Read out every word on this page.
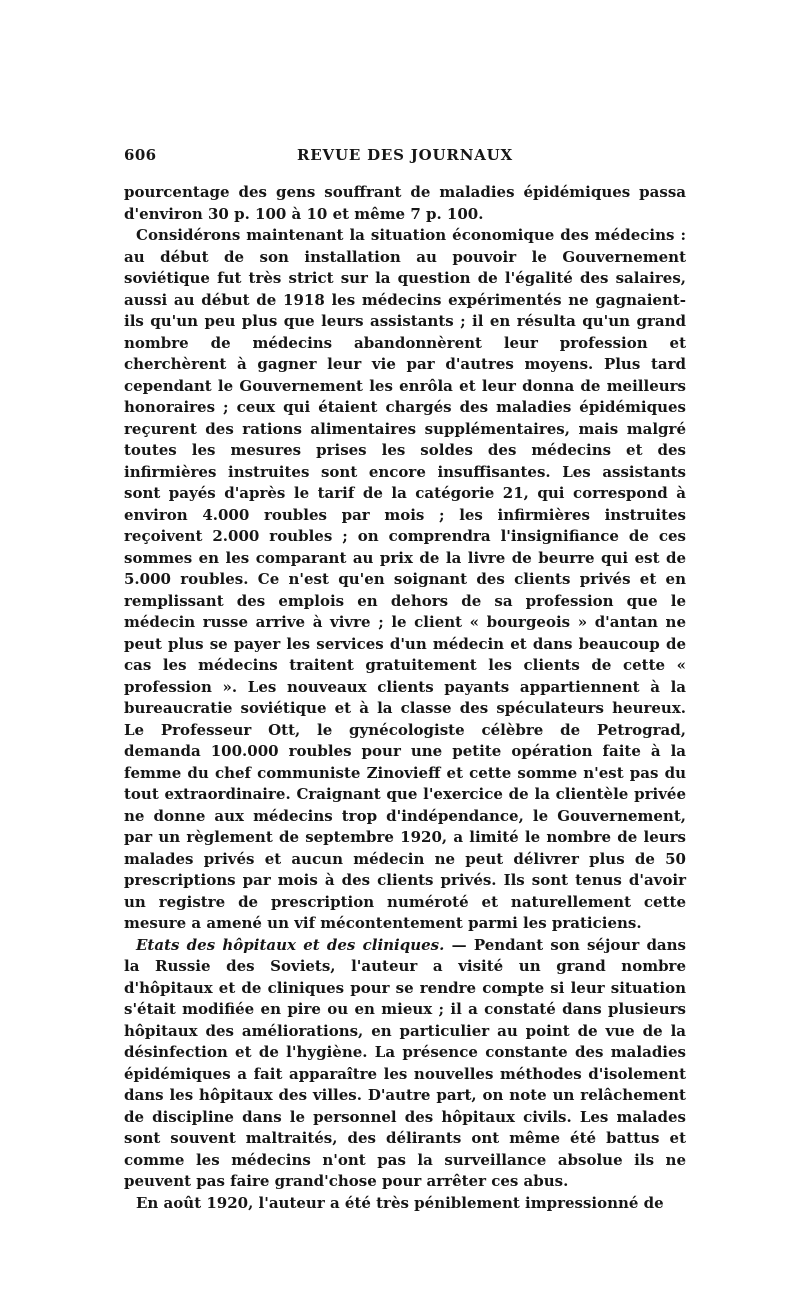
606	REVUE DES JOURNAUX

pourcentage des gens souffrant de maladies épidémiques passa d'environ 30 p. 100 à 10 et même 7 p. 100.

Considérons maintenant la situation économique des médecins : au début de son installation au pouvoir le Gouvernement soviétique fut très strict sur la question de l'égalité des salaires, aussi au début de 1918 les médecins expérimentés ne gagnaient-ils qu'un peu plus que leurs assistants ; il en résulta qu'un grand nombre de médecins abandonnèrent leur profession et cherchèrent à gagner leur vie par d'autres moyens. Plus tard cependant le Gouvernement les enrôla et leur donna de meilleurs honoraires ; ceux qui étaient chargés des maladies épidémiques reçurent des rations alimentaires supplémentaires, mais malgré toutes les mesures prises les soldes des médecins et des infirmières instruites sont encore insuffisantes. Les assistants sont payés d'après le tarif de la catégorie 21, qui correspond à environ 4.000 roubles par mois ; les infirmières instruites reçoivent 2.000 roubles ; on comprendra l'insignifiance de ces sommes en les comparant au prix de la livre de beurre qui est de 5.000 roubles. Ce n'est qu'en soignant des clients privés et en remplissant des emplois en dehors de sa profession que le médecin russe arrive à vivre ; le client « bourgeois » d'antan ne peut plus se payer les services d'un médecin et dans beaucoup de cas les médecins traitent gratuitement les clients de cette « profession ». Les nouveaux clients payants appartiennent à la bureaucratie soviétique et à la classe des spéculateurs heureux. Le Professeur Ott, le gynécologiste célèbre de Petrograd, demanda 100.000 roubles pour une petite opération faite à la femme du chef communiste Zinovieff et cette somme n'est pas du tout extraordinaire. Craignant que l'exercice de la clientèle privée ne donne aux médecins trop d'indépendance, le Gouvernement, par un règlement de septembre 1920, a limité le nombre de leurs malades privés et aucun médecin ne peut délivrer plus de 50 prescriptions par mois à des clients privés. Ils sont tenus d'avoir un registre de prescription numéroté et naturellement cette mesure a amené un vif mécontentement parmi les praticiens.

Etats des hôpitaux et des cliniques. — Pendant son séjour dans la Russie des Soviets, l'auteur a visité un grand nombre d'hôpitaux et de cliniques pour se rendre compte si leur situation s'était modifiée en pire ou en mieux ; il a constaté dans plusieurs hôpitaux des améliorations, en particulier au point de vue de la désinfection et de l'hygiène. La présence constante des maladies épidémiques a fait apparaître les nouvelles méthodes d'isolement dans les hôpitaux des villes. D'autre part, on note un relâchement de discipline dans le personnel des hôpitaux civils. Les malades sont souvent maltraités, des délirants ont même été battus et comme les médecins n'ont pas la surveillance absolue ils ne peuvent pas faire grand'chose pour arrêter ces abus.

En août 1920, l'auteur a été très péniblement impressionné de
